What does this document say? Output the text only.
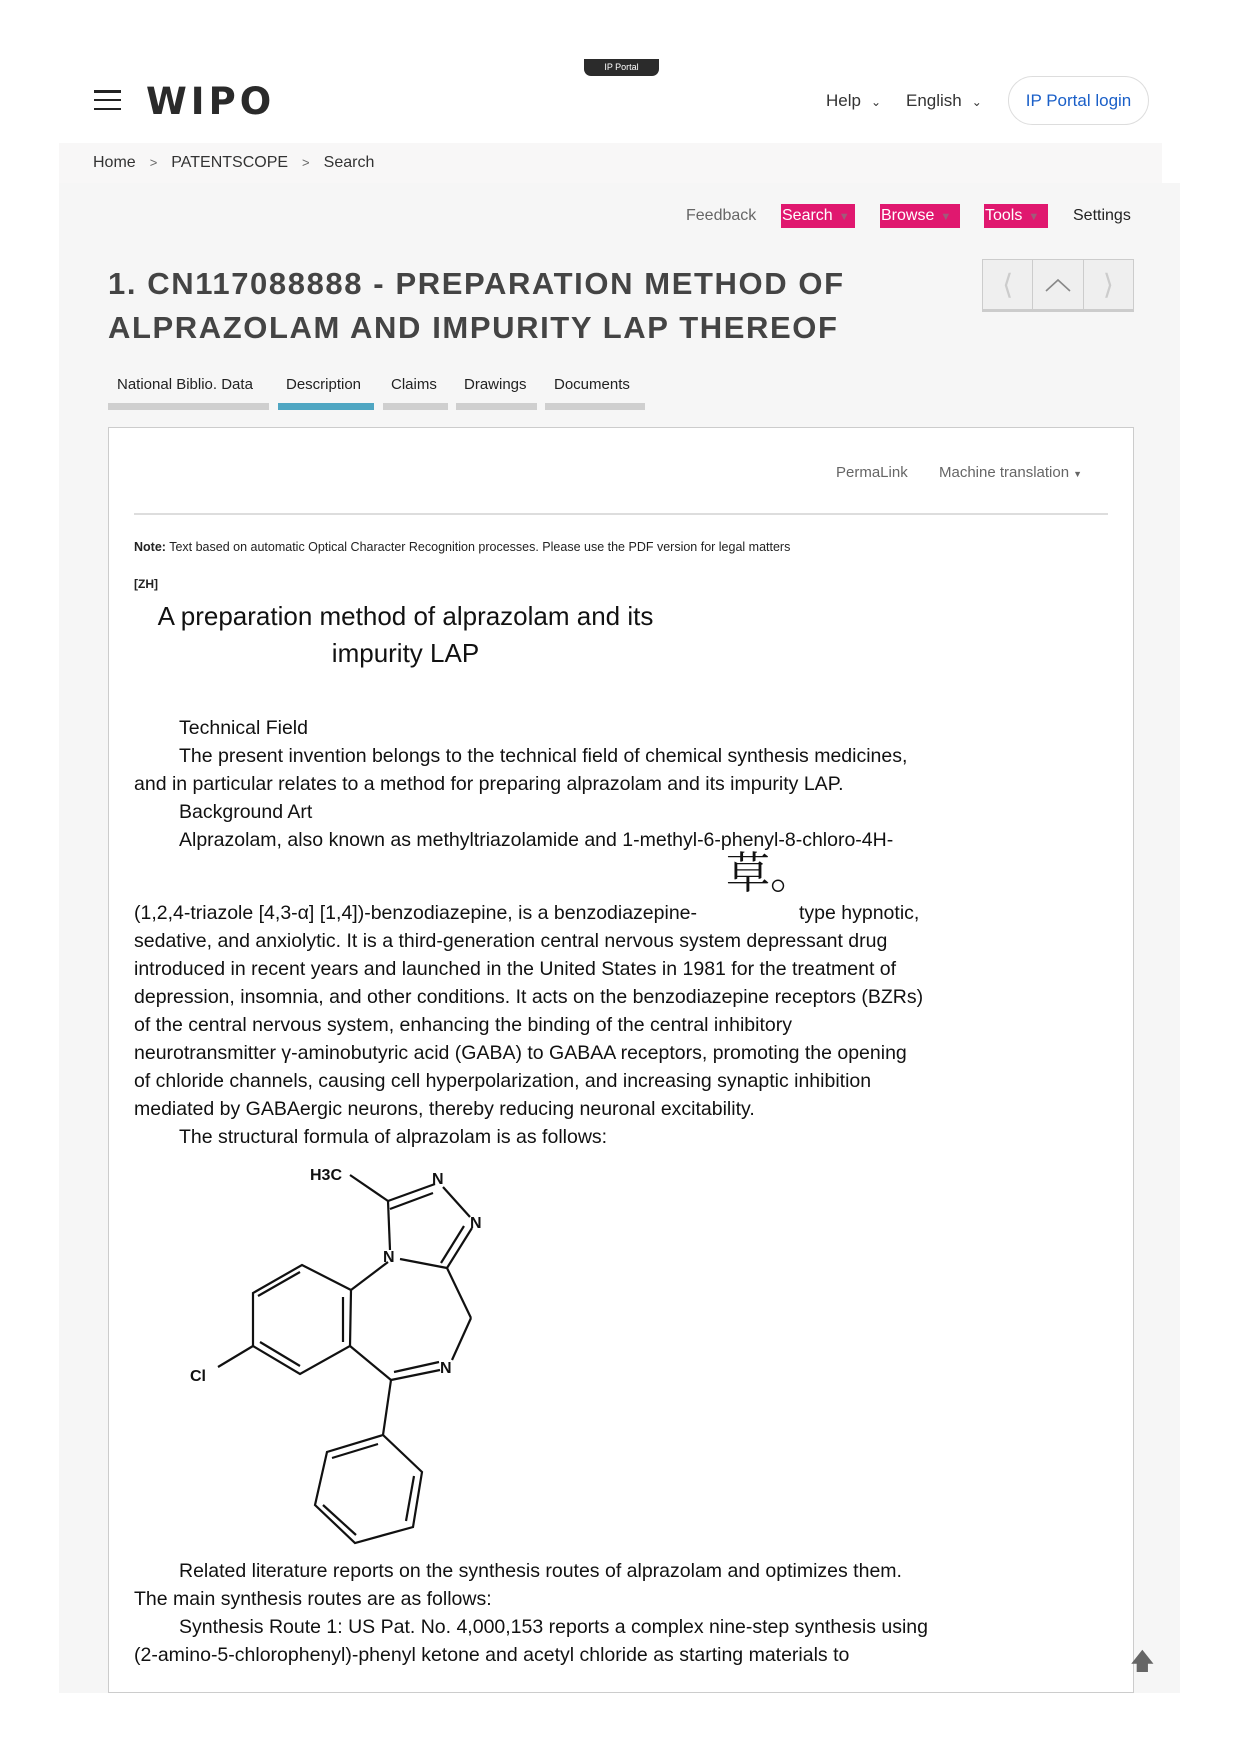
IP Portal
WIPO	Help ⌄ English ⌄	IP Portal login
Home > PATENTSCOPE > Search
Feedback Search ▼	Browse ▼	Tools ▼	Settings
1. CN117088888 - PREPARATION METHOD OF
ALPRAZOLAM AND IMPURITY LAP THEREOF
⟨	⟩
National Biblio. Data Description Claims Drawings Documents
PermaLink Machine translation ▼
Note: Text based on automatic Optical Character Recognition processes. Please use the PDF version for legal matters
[ZH]
A preparation method of alprazolam and its
impurity LAP
Technical Field
The present invention belongs to the technical field of chemical synthesis medicines,
and in particular relates to a method for preparing alprazolam and its impurity LAP.
Background Art
Alprazolam, also known as methyltriazolamide and 1-methyl-6-phenyl-8-chloro-4H-
(1,2,4-triazole [4,3-α] [1,4])-benzodiazepine, is a benzodiazepine-
草。
type hypnotic,
sedative, and anxiolytic. It is a third-generation central nervous system depressant drug
introduced in recent years and launched in the United States in 1981 for the treatment of
depression, insomnia, and other conditions. It acts on the benzodiazepine receptors (BZRs)
of the central nervous system, enhancing the binding of the central inhibitory
neurotransmitter γ-aminobutyric acid (GABA) to GABAA receptors, promoting the opening
of chloride channels, causing cell hyperpolarization, and increasing synaptic inhibition
mediated by GABAergic neurons, thereby reducing neuronal excitability.
The structural formula of alprazolam is as follows:
Related literature reports on the synthesis routes of alprazolam and optimizes them.
The main synthesis routes are as follows:
Synthesis Route 1: US Pat. No. 4,000,153 reports a complex nine-step synthesis using
(2-amino-5-chlorophenyl)-phenyl ketone and acetyl chloride as starting materials to
H3C	N
N
N
N
Cl
🡅
